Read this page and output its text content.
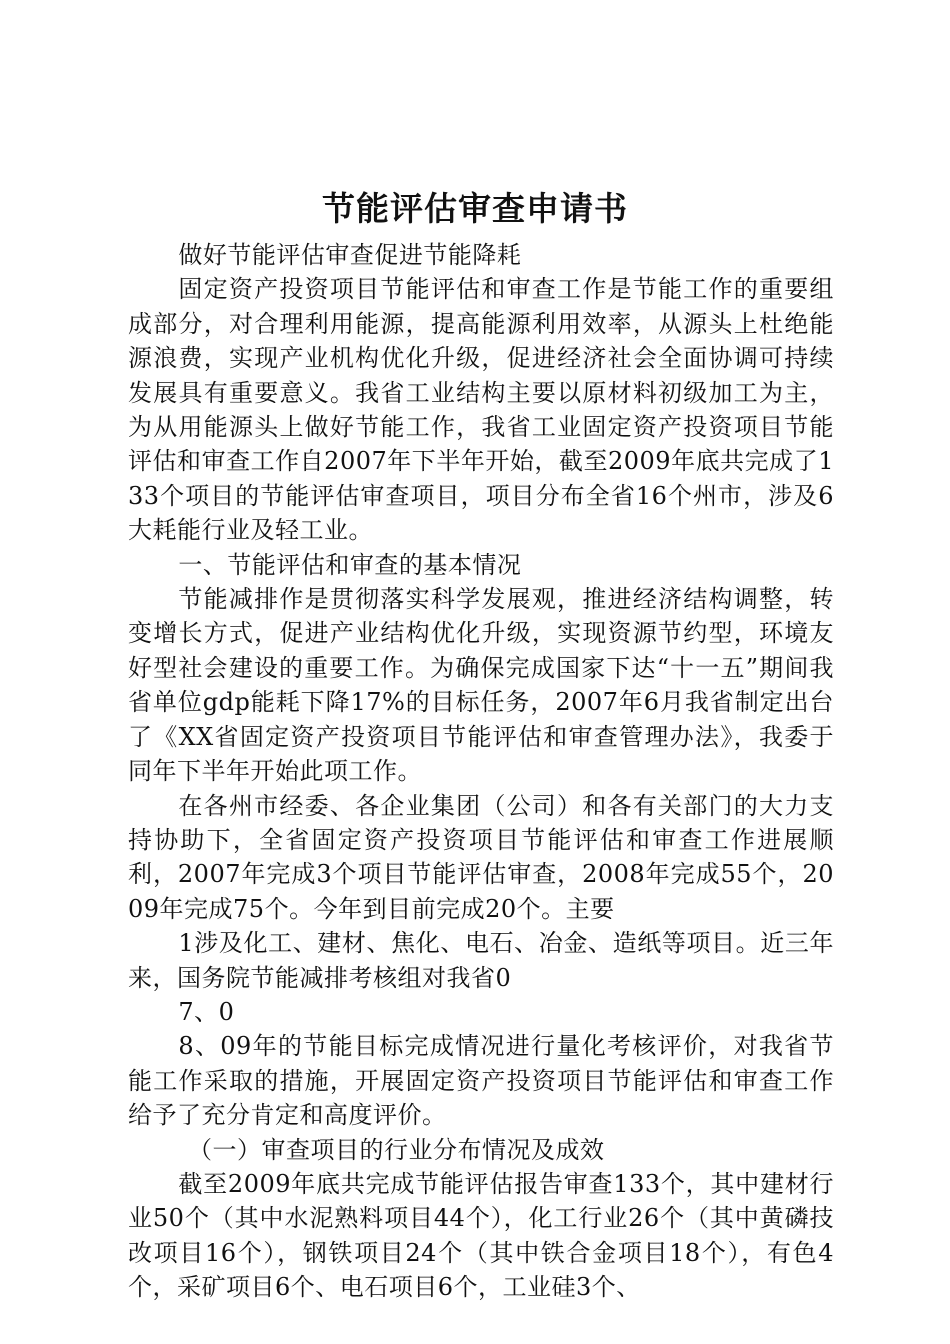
节能评估审查申请书

做好节能评估审查促进节能降耗

固定资产投资项目节能评估和审查工作是节能工作的重要组成部分，对合理利用能源，提高能源利用效率，从源头上杜绝能源浪费，实现产业机构优化升级，促进经济社会全面协调可持续发展具有重要意义。我省工业结构主要以原材料初级加工为主，为从用能源头上做好节能工作，我省工业固定资产投资项目节能评估和审查工作自2007年下半年开始，截至2009年底共完成了133个项目的节能评估审查项目，项目分布全省16个州市，涉及6大耗能行业及轻工业。

一、节能评估和审查的基本情况

节能减排作是贯彻落实科学发展观，推进经济结构调整，转变增长方式，促进产业结构优化升级，实现资源节约型，环境友好型社会建设的重要工作。为确保完成国家下达“十一五”期间我省单位gdp能耗下降17%的目标任务，2007年6月我省制定出台了《XX省固定资产投资项目节能评估和审查管理办法》，我委于同年下半年开始此项工作。

在各州市经委、各企业集团（公司）和各有关部门的大力支持协助下，全省固定资产投资项目节能评估和审查工作进展顺利，2007年完成3个项目节能评估审查，2008年完成55个，2009年完成75个。今年到目前完成20个。主要

1涉及化工、建材、焦化、电石、冶金、造纸等项目。近三年来，国务院节能减排考核组对我省0

7、0

8、09年的节能目标完成情况进行量化考核评价，对我省节能工作采取的措施，开展固定资产投资项目节能评估和审查工作给予了充分肯定和高度评价。

（一）审查项目的行业分布情况及成效

截至2009年底共完成节能评估报告审查133个，其中建材行业50个（其中水泥熟料项目44个），化工行业26个（其中黄磷技改项目16个），钢铁项目24个（其中铁合金项目18个），有色4个，采矿项目6个、电石项目6个，工业硅3个、
